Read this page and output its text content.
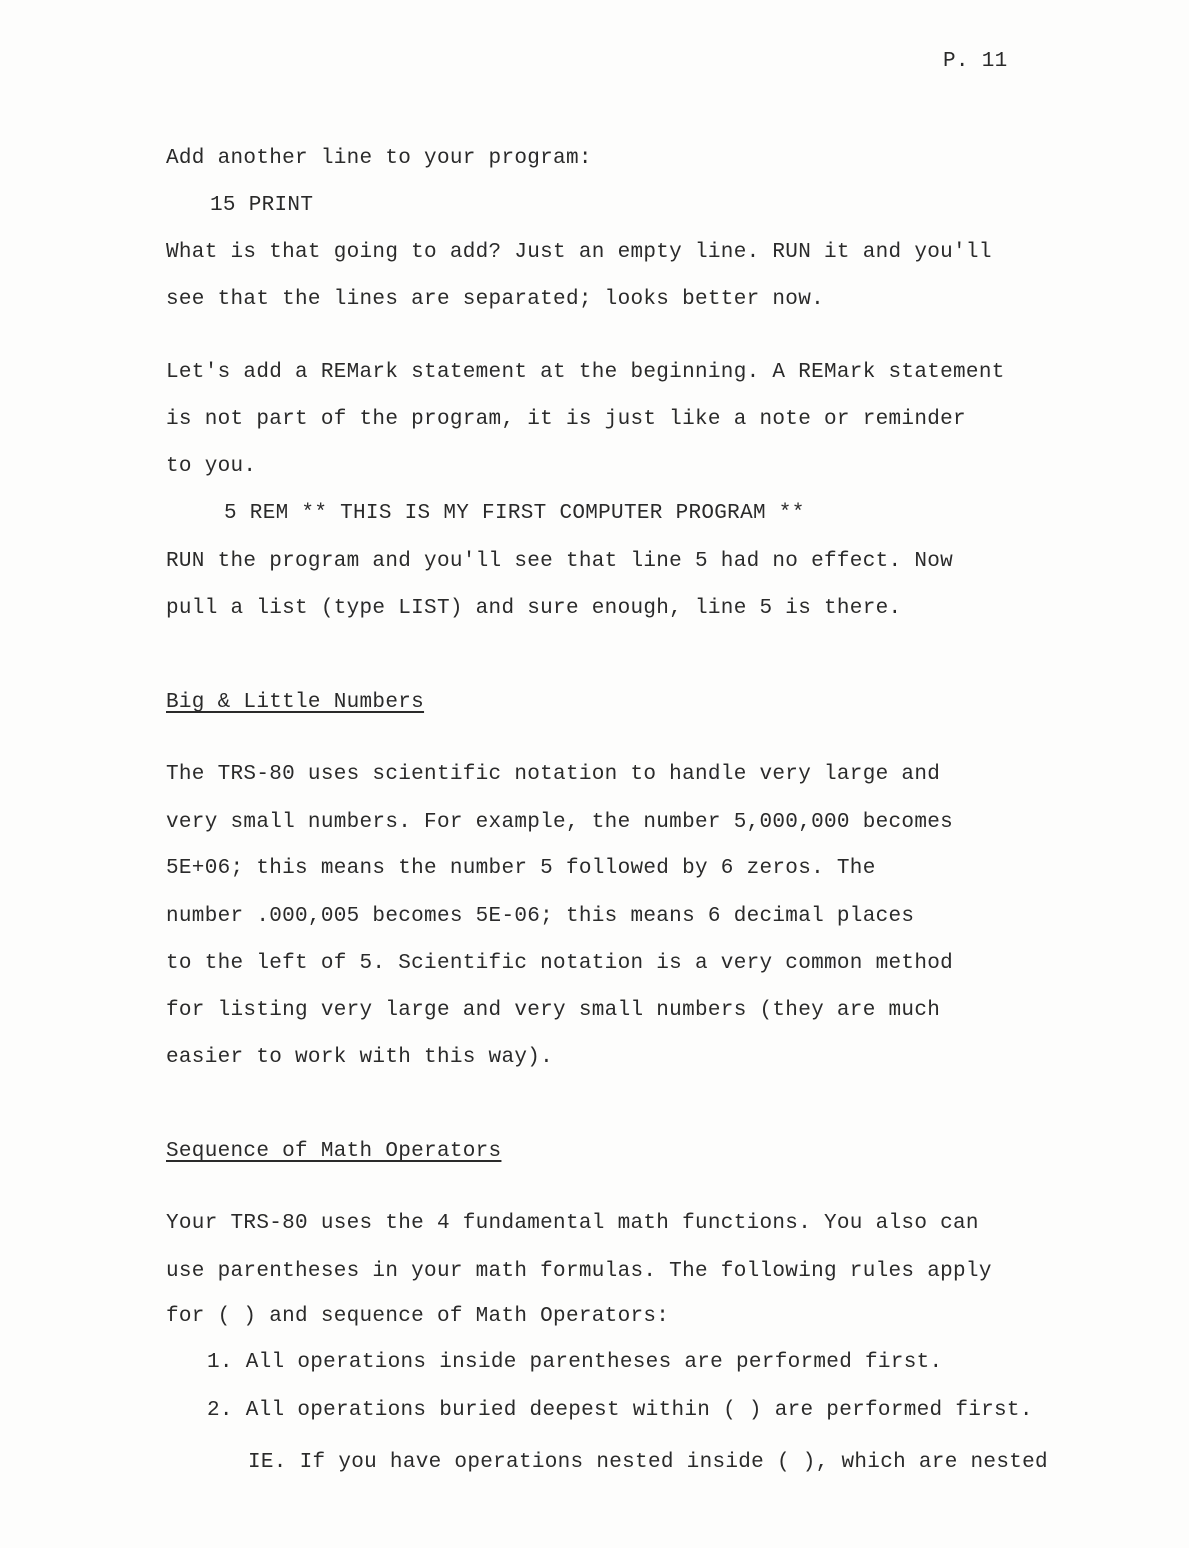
P. 11
Add another line to your program:
15 PRINT
What is that going to add? Just an empty line. RUN it and you'll
see that the lines are separated; looks better now.
Let's add a REMark statement at the beginning. A REMark statement
is not part of the program, it is just like a note or reminder
to you.
5 REM ** THIS IS MY FIRST COMPUTER PROGRAM **
RUN the program and you'll see that line 5 had no effect. Now
pull a list (type LIST) and sure enough, line 5 is there.
Big & Little Numbers
The TRS-80 uses scientific notation to handle very large and
very small numbers. For example, the number 5,000,000 becomes
5E+06; this means the number 5 followed by 6 zeros. The
number .000,005 becomes 5E-06; this means 6 decimal places
to the left of 5. Scientific notation is a very common method
for listing very large and very small numbers (they are much
easier to work with this way).
Sequence of Math Operators
Your TRS-80 uses the 4 fundamental math functions. You also can
use parentheses in your math formulas. The following rules apply
for ( ) and sequence of Math Operators:
1. All operations inside parentheses are performed first.
2. All operations buried deepest within ( ) are performed first.
IE. If you have operations nested inside ( ), which are nested
